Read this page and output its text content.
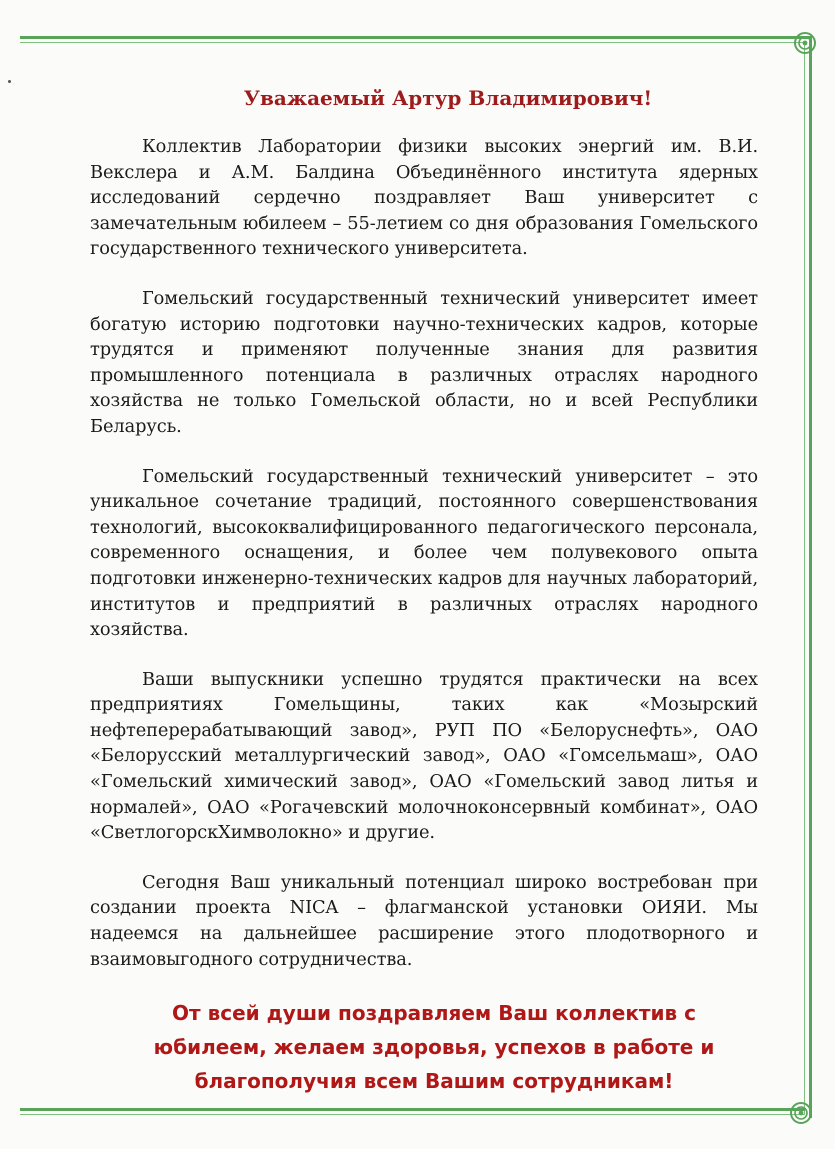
Уважаемый Артур Владимирович!

Коллектив Лаборатории физики высоких энергий им. В.И. Векслера и А.М. Балдина Объединённого института ядерных исследований сердечно поздравляет Ваш университет с замечательным юбилеем – 55-летием со дня образования Гомельского государственного технического университета.

Гомельский государственный технический университет имеет богатую историю подготовки научно-технических кадров, которые трудятся и применяют полученные знания для развития промышленного потенциала в различных отраслях народного хозяйства не только Гомельской области, но и всей Республики Беларусь.

Гомельский государственный технический университет – это уникальное сочетание традиций, постоянного совершенствования технологий, высококвалифицированного педагогического персонала, современного оснащения, и более чем полувекового опыта подготовки инженерно-технических кадров для научных лабораторий, институтов и предприятий в различных отраслях народного хозяйства.

Ваши выпускники успешно трудятся практически на всех предприятиях Гомельщины, таких как «Мозырский нефтеперерабатывающий завод», РУП ПО «Белоруснефть», ОАО «Белорусский металлургический завод», ОАО «Гомсельмаш», ОАО «Гомельский химический завод», ОАО «Гомельский завод литья и нормалей», ОАО «Рогачевский молочноконсервный комбинат», ОАО «СветлогорскХимволокно» и другие.

Сегодня Ваш уникальный потенциал широко востребован при создании проекта NICA – флагманской установки ОИЯИ. Мы надеемся на дальнейшее расширение этого плодотворного и взаимовыгодного сотрудничества.

От всей души поздравляем Ваш коллектив с
юбилеем, желаем здоровья, успехов в работе и
благополучия всем Вашим сотрудникам!
